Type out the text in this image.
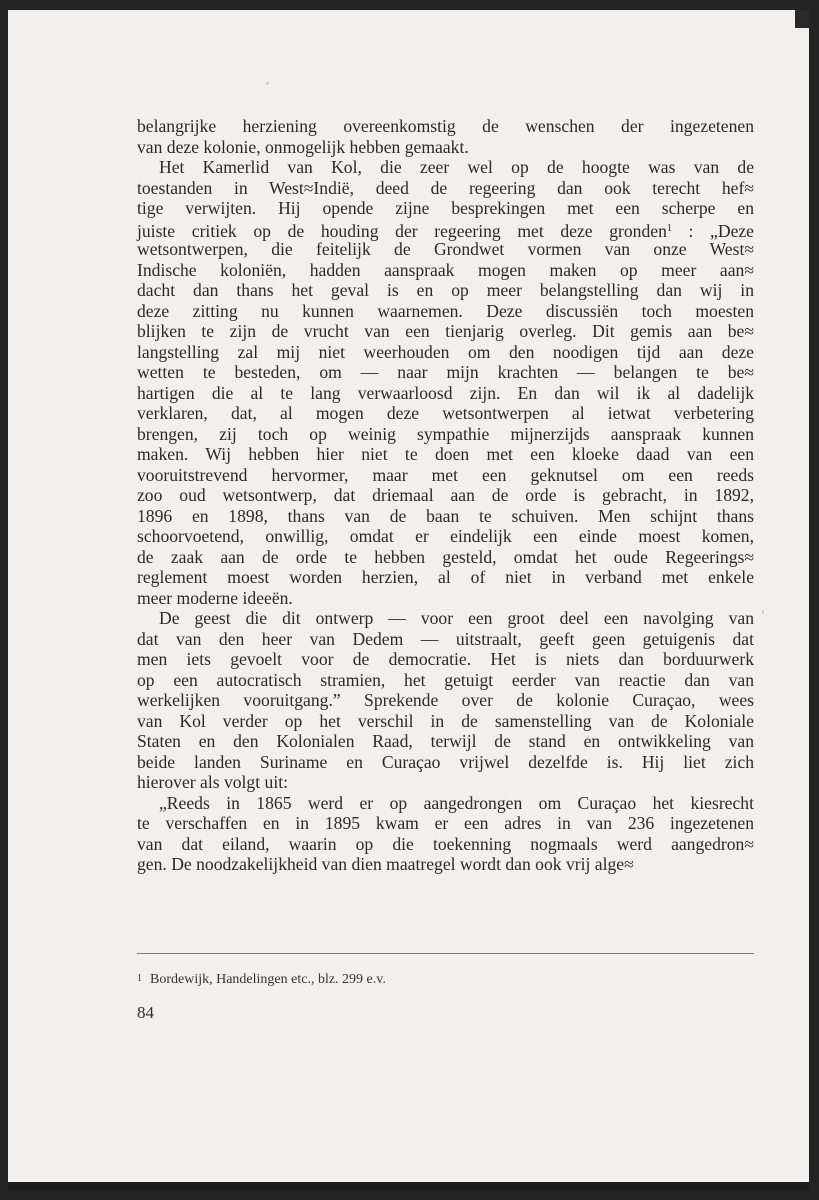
belangrijke herziening overeenkomstig de wenschen der ingezetenen
van deze kolonie, onmogelijk hebben gemaakt.
Het Kamerlid van Kol, die zeer wel op de hoogte was van de
toestanden in West≈Indië, deed de regeering dan ook terecht hef≈
tige verwijten. Hij opende zijne besprekingen met een scherpe en
juiste critiek op de houding der regeering met deze gronden$^1$ : „Deze
wetsontwerpen, die feitelijk de Grondwet vormen van onze West≈
Indische koloniën, hadden aanspraak mogen maken op meer aan≈
dacht dan thans het geval is en op meer belangstelling dan wij in
deze zitting nu kunnen waarnemen. Deze discussiën toch moesten
blijken te zijn de vrucht van een tienjarig overleg. Dit gemis aan be≈
langstelling zal mij niet weerhouden om den noodigen tijd aan deze
wetten te besteden, om — naar mijn krachten — belangen te be≈
hartigen die al te lang verwaarloosd zijn. En dan wil ik al dadelijk
verklaren, dat, al mogen deze wetsontwerpen al ietwat verbetering
brengen, zij toch op weinig sympathie mijnerzijds aanspraak kunnen
maken. Wij hebben hier niet te doen met een kloeke daad van een
vooruitstrevend hervormer, maar met een geknutsel om een reeds
zoo oud wetsontwerp, dat driemaal aan de orde is gebracht, in 1892,
1896 en 1898, thans van de baan te schuiven. Men schijnt thans
schoorvoetend, onwillig, omdat er eindelijk een einde moest komen,
de zaak aan de orde te hebben gesteld, omdat het oude Regeerings≈
reglement moest worden herzien, al of niet in verband met enkele
meer moderne ideeën.
De geest die dit ontwerp — voor een groot deel een navolging van
dat van den heer van Dedem — uitstraalt, geeft geen getuigenis dat
men iets gevoelt voor de democratie. Het is niets dan borduurwerk
op een autocratisch stramien, het getuigt eerder van reactie dan van
werkelijken vooruitgang.” Sprekende over de kolonie Curaçao, wees
van Kol verder op het verschil in de samenstelling van de Koloniale
Staten en den Kolonialen Raad, terwijl de stand en ontwikkeling van
beide landen Suriname en Curaçao vrijwel dezelfde is. Hij liet zich
hierover als volgt uit:
„Reeds in 1865 werd er op aangedrongen om Curaçao het kiesrecht
te verschaffen en in 1895 kwam er een adres in van 236 ingezetenen
van dat eiland, waarin op die toekenning nogmaals werd aangedron≈
gen. De noodzakelijkheid van dien maatregel wordt dan ook vrij alge≈
1 Bordewijk, Handelingen etc., blz. 299 e.v.
84
